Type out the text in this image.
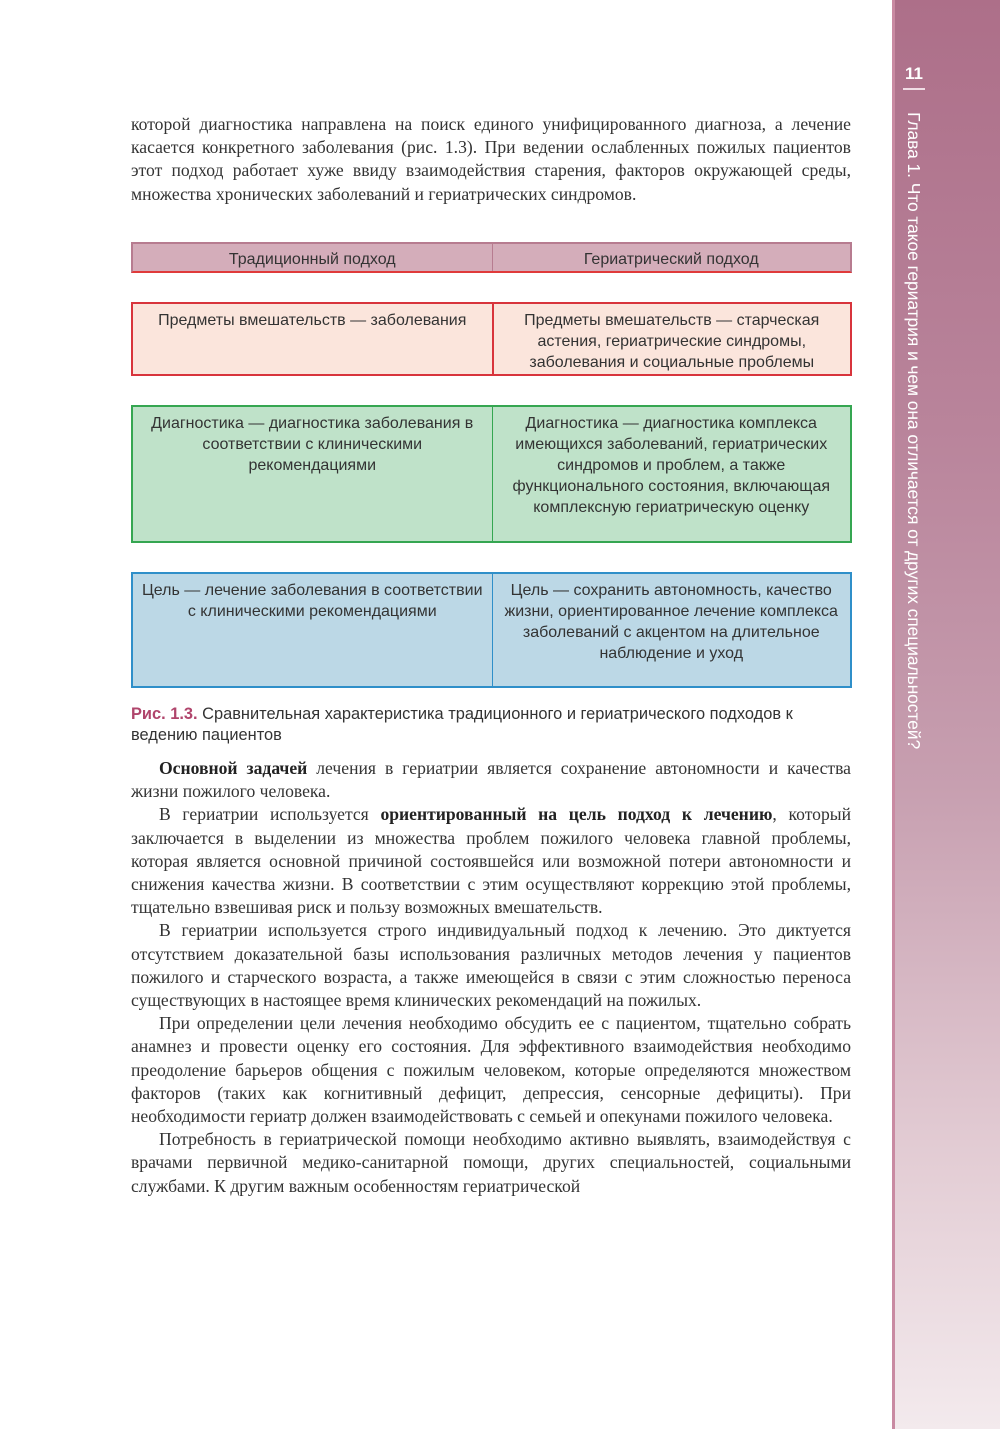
11
Глава 1. Что такое гериатрия и чем она отличается от других специальностей?

которой диагностика направлена на поиск единого унифицированного диагноза, а лечение касается конкретного заболевания (рис. 1.3). При ведении ослабленных пожилых пациентов этот подход работает хуже ввиду взаимодействия старения, факторов окружающей среды, множества хронических заболеваний и гериатрических синдромов.

Традиционный подход	Гериатрический подход
Предметы вмешательств — заболевания	Предметы вмешательств — старческая астения, гериатрические синдромы, заболевания и социальные проблемы
Диагностика — диагностика заболевания в соответствии с клиническими рекомендациями
Диагностика — диагностика комплекса имеющихся заболеваний, гериатрических синдромов и проблем, а также функционального состояния, включающая комплексную гериатрическую оценку
Цель — лечение заболевания в соответствии с клиническими рекомендациями
Цель — сохранить автономность, качество жизни, ориентированное лечение комплекса заболеваний с акцентом на длительное наблюдение и уход
Рис. 1.3. Сравнительная характеристика традиционного и гериатрического подходов к ведению пациентов

Основной задачей лечения в гериатрии является сохранение автономности и качества жизни пожилого человека.

В гериатрии используется ориентированный на цель подход к лечению, который заключается в выделении из множества проблем пожилого человека главной проблемы, которая является основной причиной состоявшейся или возможной потери автономности и снижения качества жизни. В соответствии с этим осуществляют коррекцию этой проблемы, тщательно взвешивая риск и пользу возможных вмешательств.

В гериатрии используется строго индивидуальный подход к лечению. Это диктуется отсутствием доказательной базы использования различных методов лечения у пациентов пожилого и старческого возраста, а также имеющейся в связи с этим сложностью переноса существующих в настоящее время клинических рекомендаций на пожилых.

При определении цели лечения необходимо обсудить ее с пациентом, тщательно собрать анамнез и провести оценку его состояния. Для эффективного взаимодействия необходимо преодоление барьеров общения с пожилым человеком, которые определяются множеством факторов (таких как когнитивный дефицит, депрессия, сенсорные дефициты). При необходимости гериатр должен взаимодействовать с семьей и опекунами пожилого человека.

Потребность в гериатрической помощи необходимо активно выявлять, взаимодействуя с врачами первичной медико-санитарной помощи, других специальностей, социальными службами. К другим важным особенностям гериатрической
